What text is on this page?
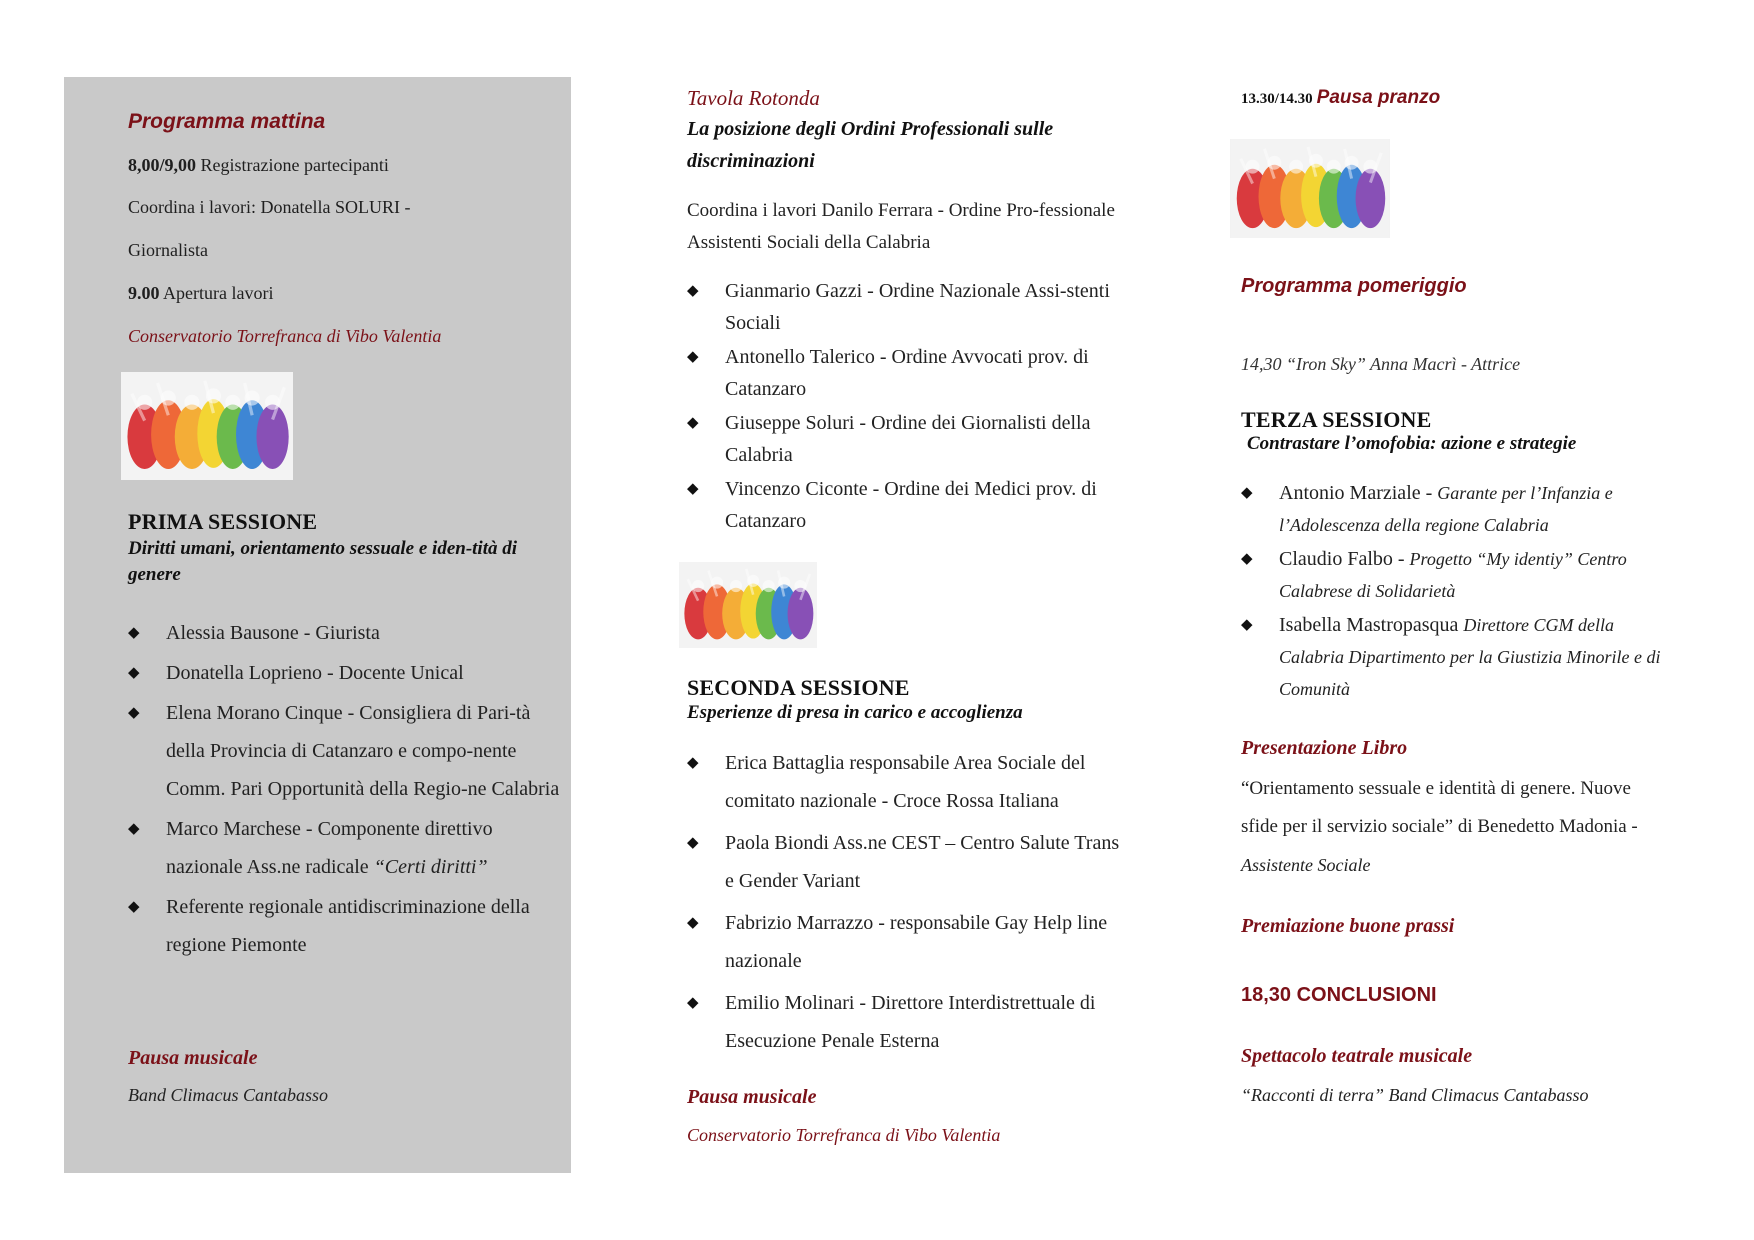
Programma mattina
8,00/9,00 Registrazione partecipanti
Coordina i lavori: Donatella SOLURI -
Giornalista
9.00 Apertura lavori
Conservatorio Torrefranca di Vibo Valentia
PRIMA SESSIONE
Diritti umani, orientamento sessuale e iden-tità di genere
◆ Alessia Bausone - Giurista
◆ Donatella Loprieno - Docente Unical
◆ Elena Morano Cinque - Consigliera di Pari-tà della Provincia di Catanzaro e compo-nente Comm. Pari Opportunità della Regio-ne Calabria
◆ Marco Marchese - Componente direttivo nazionale Ass.ne radicale “Certi diritti”
◆ Referente regionale antidiscriminazione della regione Piemonte
Pausa musicale
Band Climacus Cantabasso
Tavola Rotonda
La posizione degli Ordini Professionali sulle discriminazioni
Coordina i lavori Danilo Ferrara - Ordine Pro-fessionale Assistenti Sociali della Calabria
◆ Gianmario Gazzi - Ordine Nazionale Assi-stenti Sociali
◆ Antonello Talerico - Ordine Avvocati prov. di Catanzaro
◆ Giuseppe Soluri - Ordine dei Giornalisti della Calabria
◆ Vincenzo Ciconte - Ordine dei Medici prov. di Catanzaro
SECONDA SESSIONE
Esperienze di presa in carico e accoglienza
◆ Erica Battaglia responsabile Area Sociale del comitato nazionale - Croce Rossa Italiana
◆ Paola Biondi Ass.ne CEST – Centro Salute Trans e Gender Variant
◆ Fabrizio Marrazzo - responsabile Gay Help line nazionale
◆ Emilio Molinari - Direttore Interdistrettuale di Esecuzione Penale Esterna
Pausa musicale
Conservatorio Torrefranca di Vibo Valentia
13.30/14.30 Pausa pranzo
Programma pomeriggio
14,30 “Iron Sky” Anna Macrì - Attrice
TERZA SESSIONE
Contrastare l’omofobia: azione e strategie
◆ Antonio Marziale - Garante per l’Infanzia e l’Adolescenza della regione Calabria
◆ Claudio Falbo - Progetto “My identiy” Centro Calabrese di Solidarietà
◆ Isabella Mastropasqua Direttore CGM della Calabria Dipartimento per la Giustizia Minorile e di Comunità
Presentazione Libro
“Orientamento sessuale e identità di genere. Nuove sfide per il servizio sociale” di Benedetto Madonia - Assistente Sociale
Premiazione buone prassi
18,30 CONCLUSIONI
Spettacolo teatrale musicale
“Racconti di terra” Band Climacus Cantabasso
